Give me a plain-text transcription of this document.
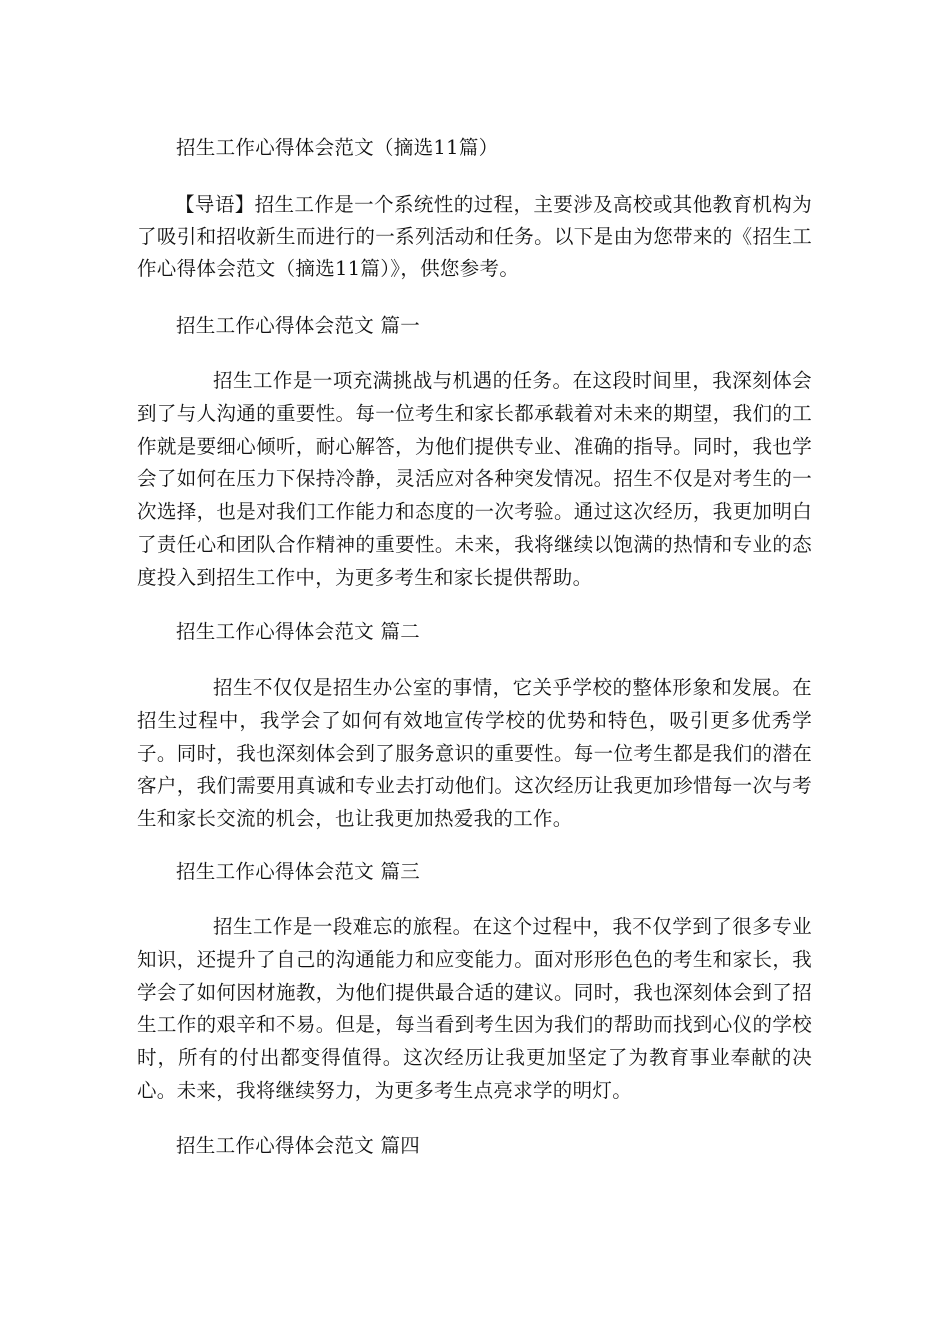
招生工作心得体会范文（摘选11篇）

【导语】招生工作是一个系统性的过程，主要涉及高校或其他教育机构为了吸引和招收新生而进行的一系列活动和任务。以下是由为您带来的《招生工作心得体会范文（摘选11篇）》，供您参考。

招生工作心得体会范文 篇一

招生工作是一项充满挑战与机遇的任务。在这段时间里，我深刻体会到了与人沟通的重要性。每一位考生和家长都承载着对未来的期望，我们的工作就是要细心倾听，耐心解答，为他们提供专业、准确的指导。同时，我也学会了如何在压力下保持冷静，灵活应对各种突发情况。招生不仅是对考生的一次选择，也是对我们工作能力和态度的一次考验。通过这次经历，我更加明白了责任心和团队合作精神的重要性。未来，我将继续以饱满的热情和专业的态度投入到招生工作中，为更多考生和家长提供帮助。

招生工作心得体会范文 篇二

招生不仅仅是招生办公室的事情，它关乎学校的整体形象和发展。在招生过程中，我学会了如何有效地宣传学校的优势和特色，吸引更多优秀学子。同时，我也深刻体会到了服务意识的重要性。每一位考生都是我们的潜在客户，我们需要用真诚和专业去打动他们。这次经历让我更加珍惜每一次与考生和家长交流的机会，也让我更加热爱我的工作。

招生工作心得体会范文 篇三

招生工作是一段难忘的旅程。在这个过程中，我不仅学到了很多专业知识，还提升了自己的沟通能力和应变能力。面对形形色色的考生和家长，我学会了如何因材施教，为他们提供最合适的建议。同时，我也深刻体会到了招生工作的艰辛和不易。但是，每当看到考生因为我们的帮助而找到心仪的学校时，所有的付出都变得值得。这次经历让我更加坚定了为教育事业奉献的决心。未来，我将继续努力，为更多考生点亮求学的明灯。

招生工作心得体会范文 篇四
